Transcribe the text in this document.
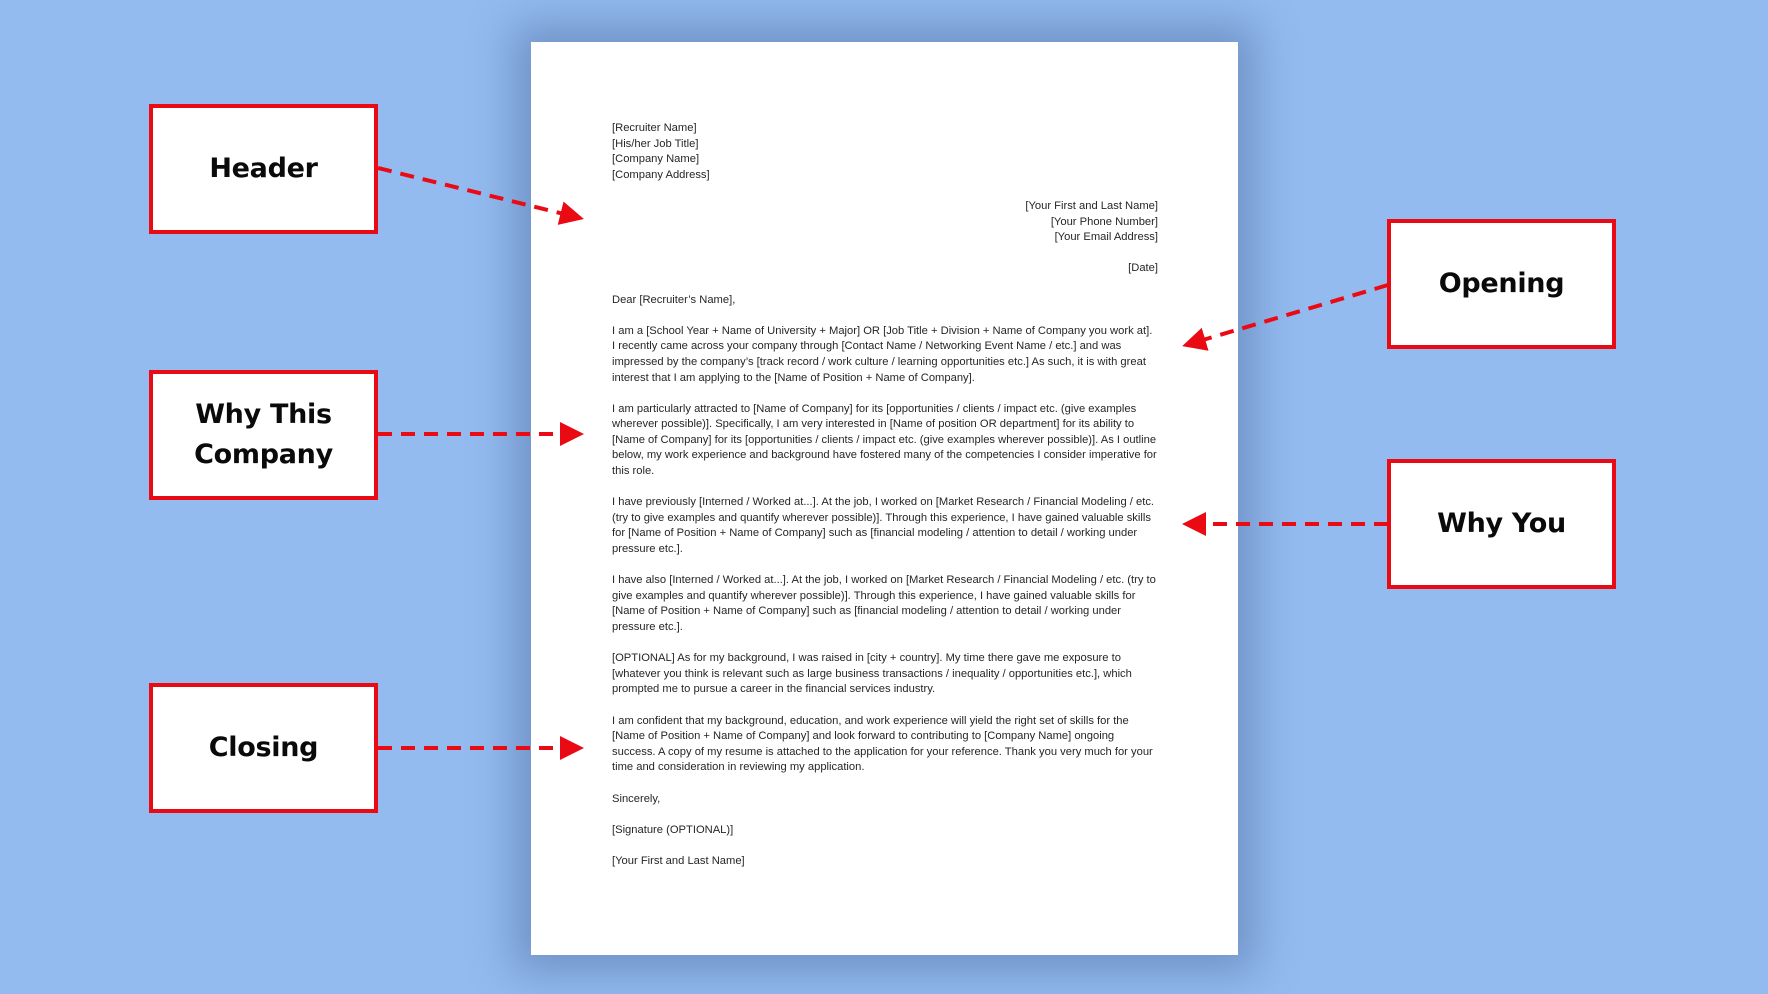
[Recruiter Name]
[His/her Job Title]
[Company Name]
[Company Address]
[Your First and Last Name]
[Your Phone Number]
[Your Email Address]

[Date]

Dear [Recruiter’s Name],

I am a [School Year + Name of University + Major] OR [Job Title + Division + Name of Company you work at]. I recently came across your company through [Contact Name / Networking Event Name / etc.] and was impressed by the company’s [track record / work culture / learning opportunities etc.] As such, it is with great interest that I am applying to the [Name of Position + Name of Company].

I am particularly attracted to [Name of Company] for its [opportunities / clients / impact etc. (give examples wherever possible)]. Specifically, I am very interested in [Name of position OR department] for its ability to [Name of Company] for its [opportunities / clients / impact etc. (give examples wherever possible)]. As I outline below, my work experience and background have fostered many of the competencies I consider imperative for this role.

I have previously [Interned / Worked at...]. At the job, I worked on [Market Research / Financial Modeling / etc. (try to give examples and quantify wherever possible)]. Through this experience, I have gained valuable skills for [Name of Position + Name of Company] such as [financial modeling / attention to detail / working under pressure etc.].

I have also [Interned / Worked at...]. At the job, I worked on [Market Research / Financial Modeling / etc. (try to give examples and quantify wherever possible)]. Through this experience, I have gained valuable skills for [Name of Position + Name of Company] such as [financial modeling / attention to detail / working under pressure etc.].

[OPTIONAL] As for my background, I was raised in [city + country]. My time there gave me exposure to [whatever you think is relevant such as large business transactions / inequality / opportunities etc.], which prompted me to pursue a career in the financial services industry.

I am confident that my background, education, and work experience will yield the right set of skills for the [Name of Position + Name of Company] and look forward to contributing to [Company Name] ongoing success. A copy of my resume is attached to the application for your reference. Thank you very much for your time and consideration in reviewing my application.

Sincerely,

[Signature (OPTIONAL)]

[Your First and Last Name]

Header
Why This Company
Closing
Opening
Why You
